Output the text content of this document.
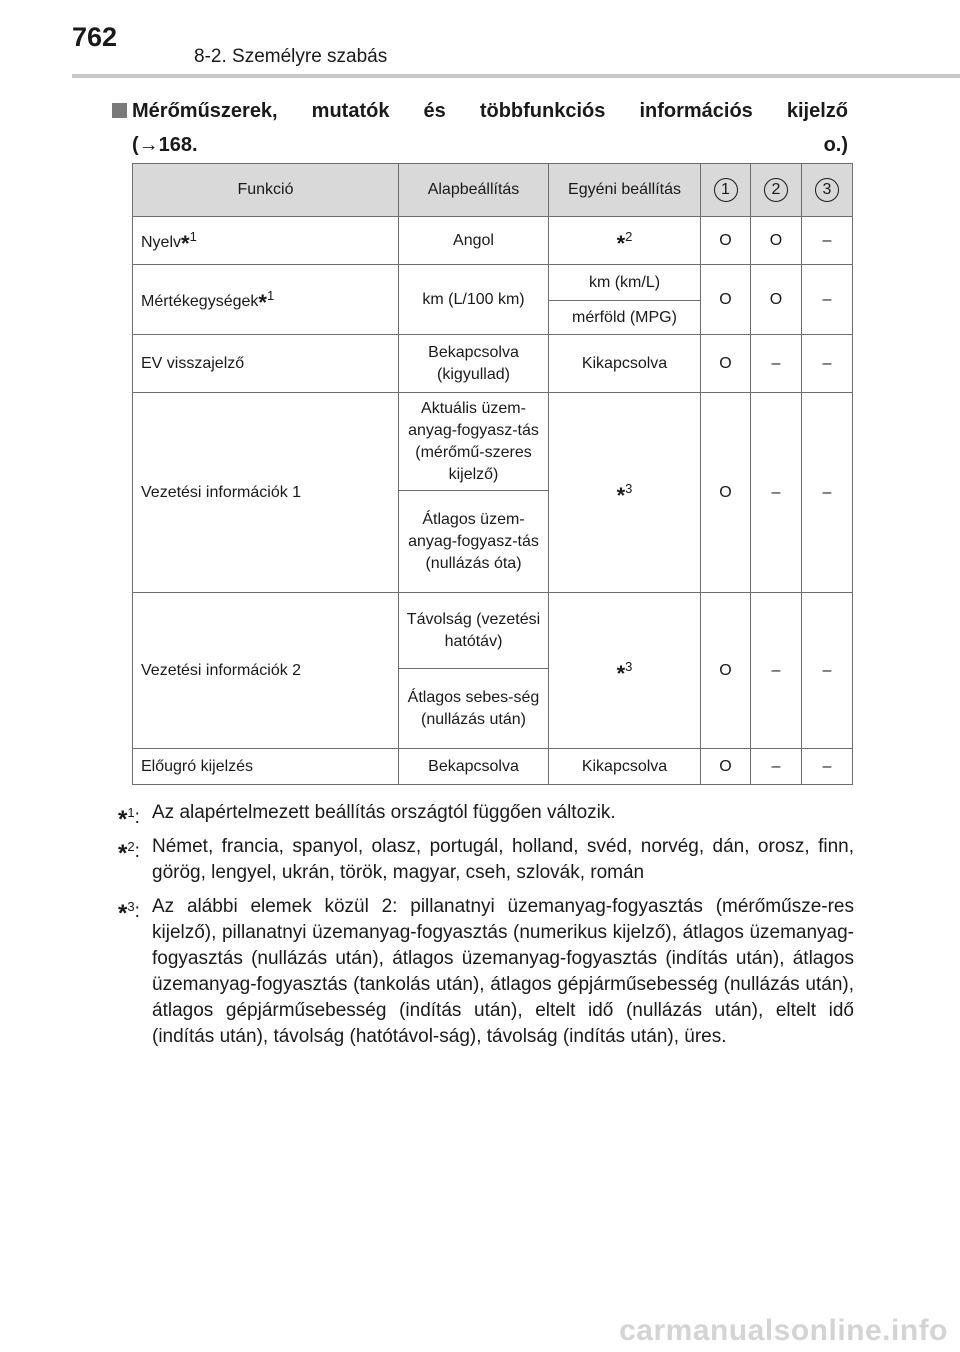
762
8-2. Személyre szabás
Mérőműszerek, mutatók és többfunkciós információs kijelző
(→168. o.)
Funkció	Alapbeállítás	Egyéni beállítás	1	2	3
Nyelv*$^1$	Angol	*$^2$	O	O	–
Mértékegységek*$^1$	km (L/100 km)	km (km/L)	O	O	–
		mérföld (MPG)			
EV visszajelző	Bekapcsolva (kigyullad)	Kikapcsolva	O	–	–
Vezetési információk 1	Aktuális üzem-anyag-fogyasz-tás (mérőmű-szeres kijelző)	*$^3$	O	–	–
	Átlagos üzem-anyag-fogyasz-tás (nullázás óta)				
Vezetési információk 2	Távolság (vezetési hatótáv)	*$^3$	O	–	–
	Átlagos sebes-ség (nullázás után)				
Előugró kijelzés	Bekapcsolva	Kikapcsolva	O	–	–
*$^1$: Az alapértelmezett beállítás országtól függően változik.
*$^2$: Német, francia, spanyol, olasz, portugál, holland, svéd, norvég, dán, orosz, finn, görög, lengyel, ukrán, török, magyar, cseh, szlovák, román
*$^3$: Az alábbi elemek közül 2: pillanatnyi üzemanyag-fogyasztás (mérőműsze-res kijelző), pillanatnyi üzemanyag-fogyasztás (numerikus kijelző), átlagos üzemanyag-fogyasztás (nullázás után), átlagos üzemanyag-fogyasztás (indítás után), átlagos üzemanyag-fogyasztás (tankolás után), átlagos gépjárműsebesség (nullázás után), átlagos gépjárműsebesség (indítás után), eltelt idő (nullázás után), eltelt idő (indítás után), távolság (hatótávol-ság), távolság (indítás után), üres.
carmanualsonline.info
